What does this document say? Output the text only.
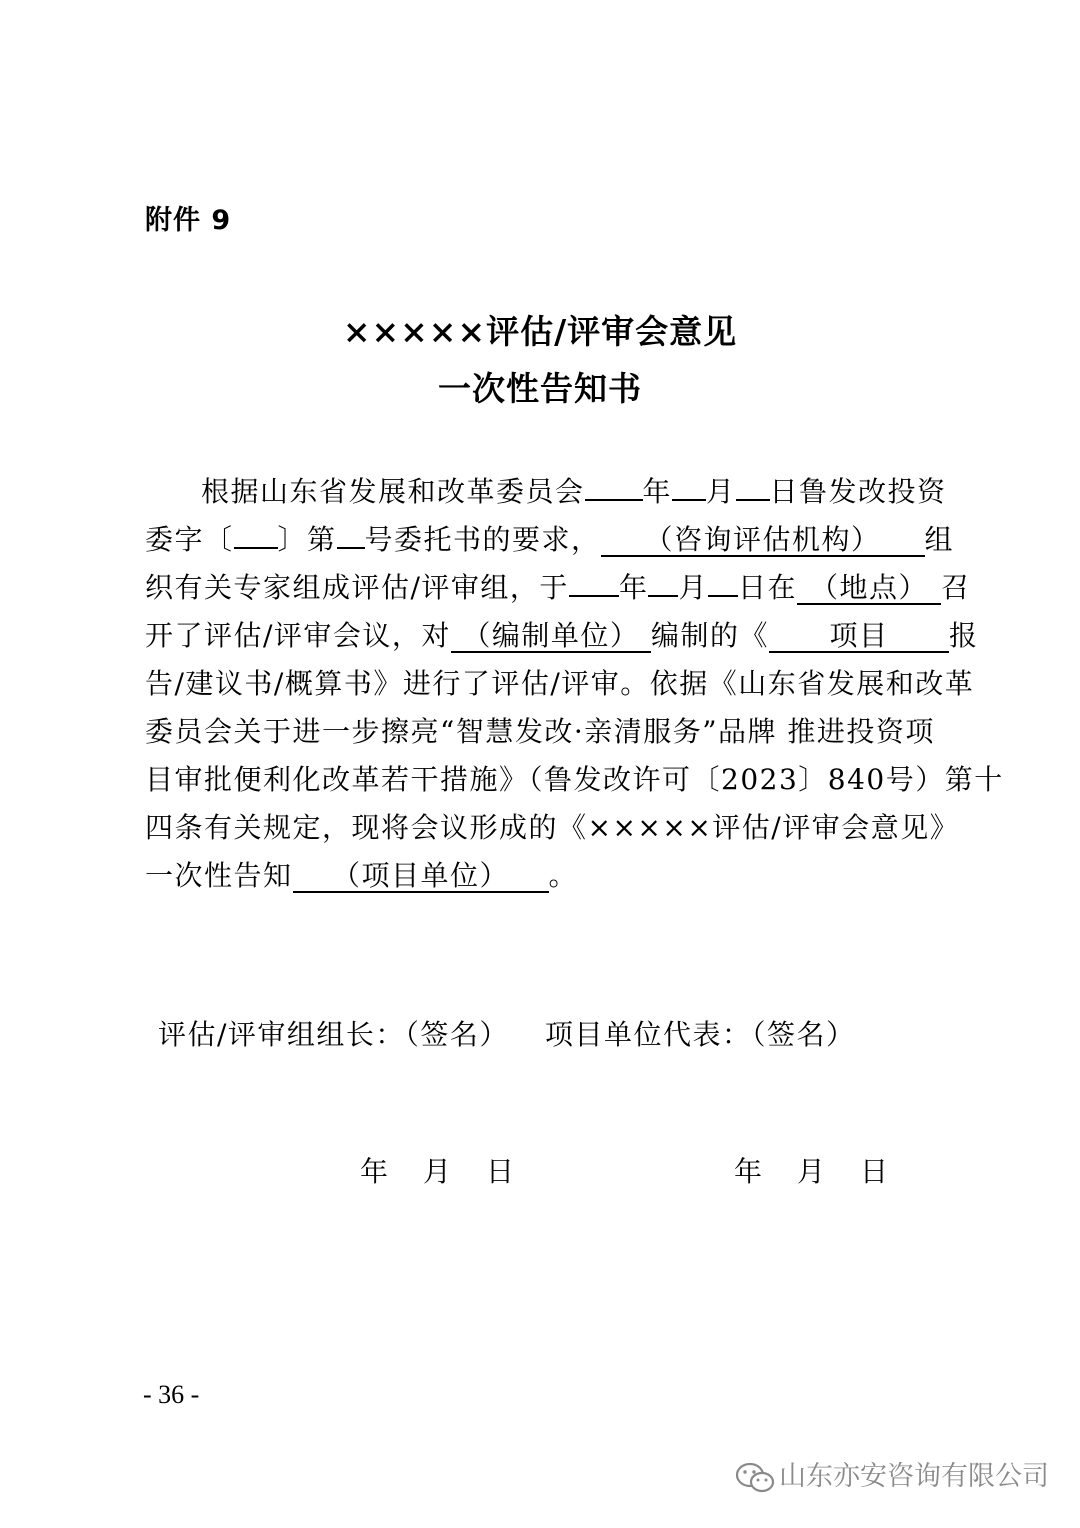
附件 9
×××××评估/评审会意见
一次性告知书
根据山东省发展和改革委员会 年 月 日鲁发改投资
委字〔 〕第 号委托书的要求， （咨询评估机构） 组
织有关专家组成评估/评审组，于 年 月 日在 （地点） 召
开了评估/评审会议，对 （编制单位） 编制的《 项目 报
告/建议书/概算书》进行了评估/评审。依据《山东省发展和改革
委员会关于进一步擦亮“智慧发改·亲清服务”品牌 推进投资项
目审批便利化改革若干措施》（鲁发改许可〔2023〕840号）第十
四条有关规定，现将会议形成的《×××××评估/评审会意见》
一次性告知 （项目单位） 。
评估/评审组组长：（签名） 项目单位代表：（签名）
年 月 日	年 月 日
- 36 -
山东亦安咨询有限公司
